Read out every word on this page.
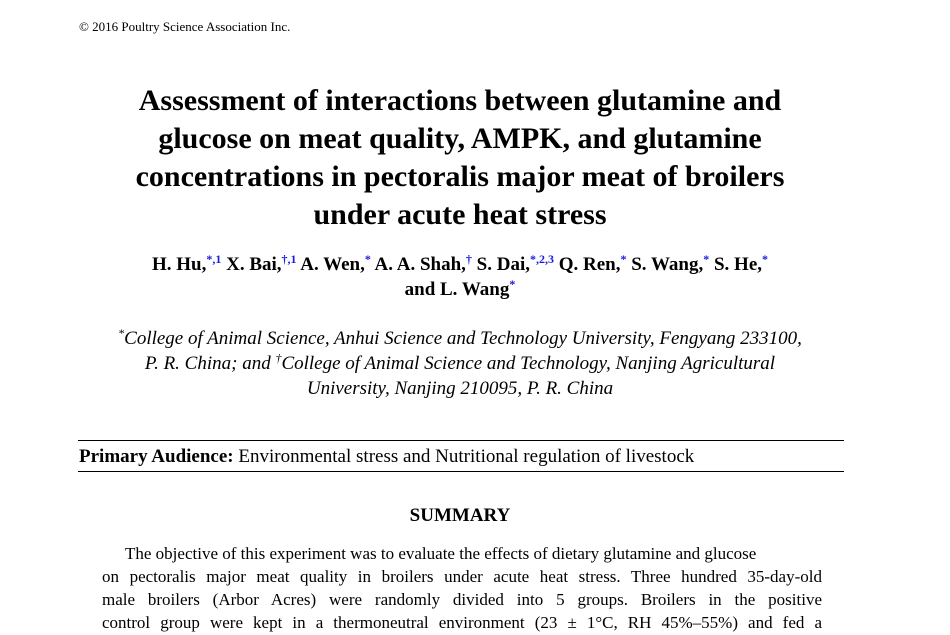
© 2016 Poultry Science Association Inc.
Assessment of interactions between glutamine and
glucose on meat quality, AMPK, and glutamine
concentrations in pectoralis major meat of broilers
under acute heat stress
H. Hu,$^{*,1}$ X. Bai,$^{\dagger,1}$ A. Wen,* A. A. Shah,† S. Dai,$^{*,2,3}$ Q. Ren,* S. Wang,* S. He,*
and L. Wang*
*College of Animal Science, Anhui Science and Technology University, Fengyang 233100,
P. R. China; and †College of Animal Science and Technology, Nanjing Agricultural
University, Nanjing 210095, P. R. China
Primary Audience: Environmental stress and Nutritional regulation of livestock
SUMMARY
The objective of this experiment was to evaluate the effects of dietary glutamine and glucose
on pectoralis major meat quality in broilers under acute heat stress. Three hundred 35-day-old
male broilers (Arbor Acres) were randomly divided into 5 groups. Broilers in the positive
control group were kept in a thermoneutral environment (23 ± 1°C, RH 45%–55%) and fed a
